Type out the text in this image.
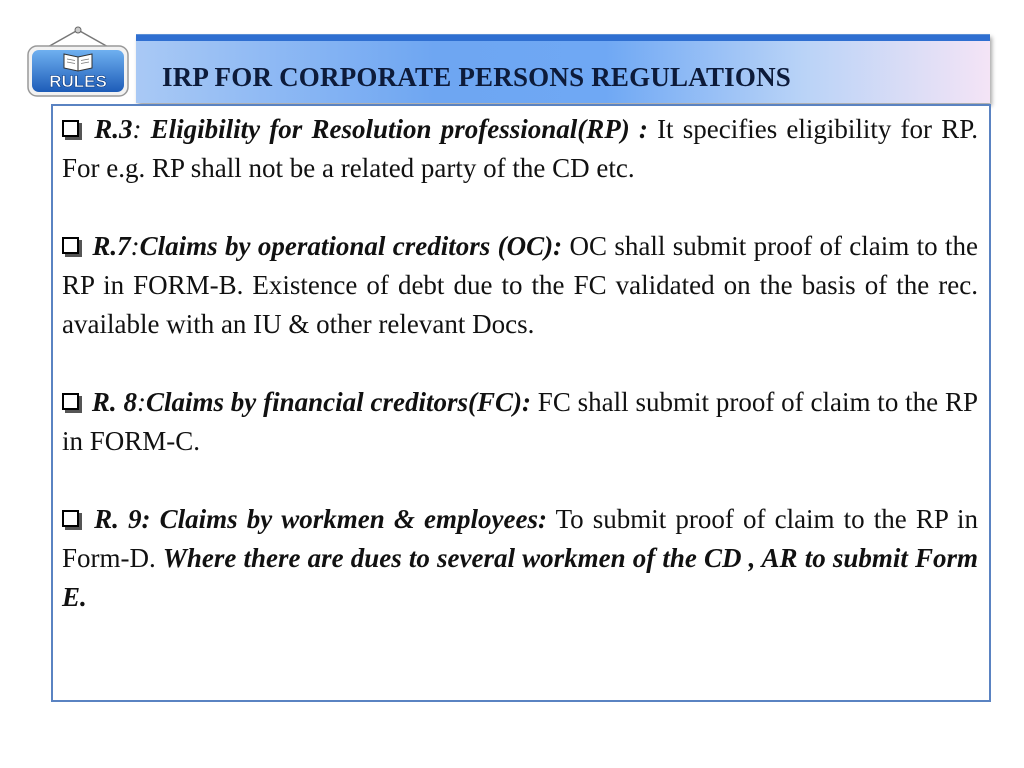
IRP FOR CORPORATE PERSONS REGULATIONS
RULES

R.3: Eligibility for Resolution professional(RP) : It specifies eligibility for RP. For e.g. RP shall not be a related party of the CD etc.

R.7:Claims by operational creditors (OC): OC shall submit proof of claim to the RP in FORM-B. Existence of debt due to the FC validated on the basis of the rec. available with an IU & other relevant Docs.

R. 8:Claims by financial creditors(FC): FC shall submit proof of claim to the RP in FORM-C.

R. 9: Claims by workmen & employees: To submit proof of claim to the RP in Form-D. Where there are dues to several workmen of the CD , AR to submit Form E.
